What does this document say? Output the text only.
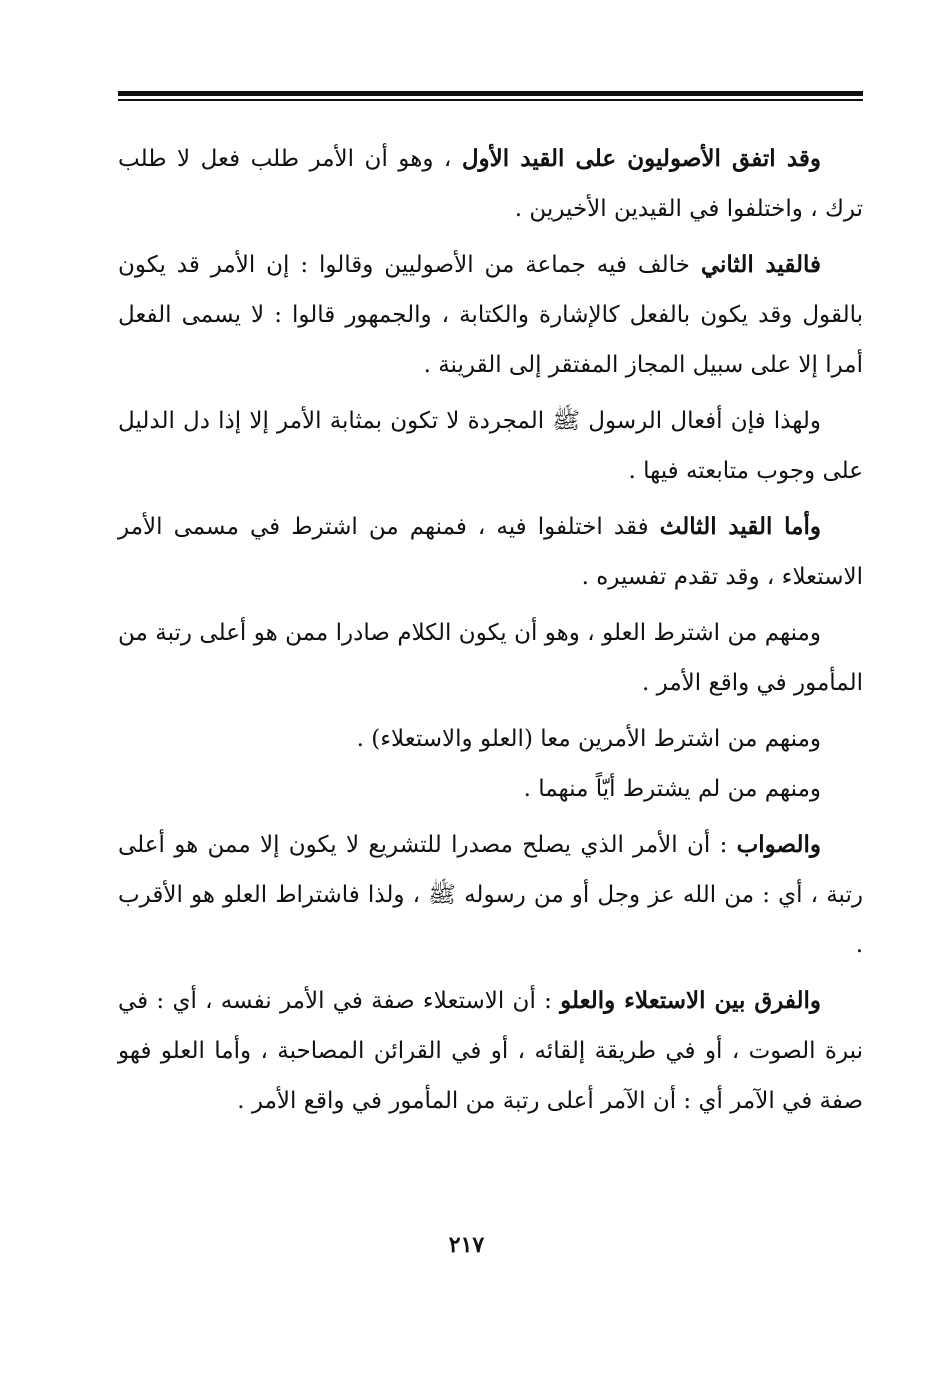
وقد اتفق الأصوليون على القيد الأول ، وهو أن الأمر طلب فعل لا طلب ترك ، واختلفوا في القيدين الأخيرين .

فالقيد الثاني خالف فيه جماعة من الأصوليين وقالوا : إن الأمر قد يكون بالقول وقد يكون بالفعل كالإشارة والكتابة ، والجمهور قالوا : لا يسمى الفعل أمرا إلا على سبيل المجاز المفتقر إلى القرينة .

ولهذا فإن أفعال الرسول ﷺ المجردة لا تكون بمثابة الأمر إلا إذا دل الدليل على وجوب متابعته فيها .

وأما القيد الثالث فقد اختلفوا فيه ، فمنهم من اشترط في مسمى الأمر الاستعلاء ، وقد تقدم تفسيره .

ومنهم من اشترط العلو ، وهو أن يكون الكلام صادرا ممن هو أعلى رتبة من المأمور في واقع الأمر .

ومنهم من اشترط الأمرين معا (العلو والاستعلاء) .

ومنهم من لم يشترط أيّاً منهما .

والصواب : أن الأمر الذي يصلح مصدرا للتشريع لا يكون إلا ممن هو أعلى رتبة ، أي : من الله عز وجل أو من رسوله ﷺ ، ولذا فاشتراط العلو هو الأقرب .

والفرق بين الاستعلاء والعلو : أن الاستعلاء صفة في الأمر نفسه ، أي : في نبرة الصوت ، أو في طريقة إلقائه ، أو في القرائن المصاحبة ، وأما العلو فهو صفة في الآمر أي : أن الآمر أعلى رتبة من المأمور في واقع الأمر .

٢١٧
